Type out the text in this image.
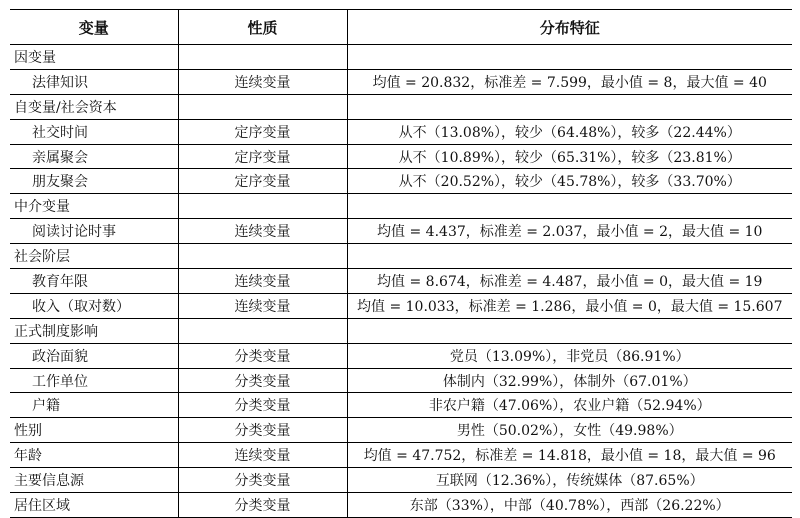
变量	性质	分布特征
因变量		
法律知识	连续变量	均值 = 20.832，标准差 = 7.599，最小值 = 8，最大值 = 40
自变量/社会资本		
社交时间	定序变量	从不（13.08%），较少（64.48%），较多（22.44%）
亲属聚会	定序变量	从不（10.89%），较少（65.31%），较多（23.81%）
朋友聚会	定序变量	从不（20.52%），较少（45.78%），较多（33.70%）
中介变量		
阅读讨论时事	连续变量	均值 = 4.437，标准差 = 2.037，最小值 = 2，最大值 = 10
社会阶层		
教育年限	连续变量	均值 = 8.674，标准差 = 4.487，最小值 = 0，最大值 = 19
收入（取对数）	连续变量	均值 = 10.033，标准差 = 1.286，最小值 = 0，最大值 = 15.607
正式制度影响		
政治面貌	分类变量	党员（13.09%），非党员（86.91%）
工作单位	分类变量	体制内（32.99%），体制外（67.01%）
户籍	分类变量	非农户籍（47.06%），农业户籍（52.94%）
性别	分类变量	男性（50.02%），女性（49.98%）
年龄	连续变量	均值 = 47.752，标准差 = 14.818，最小值 = 18，最大值 = 96
主要信息源	分类变量	互联网（12.36%），传统媒体（87.65%）
居住区域	分类变量	东部（33%），中部（40.78%），西部（26.22%）
